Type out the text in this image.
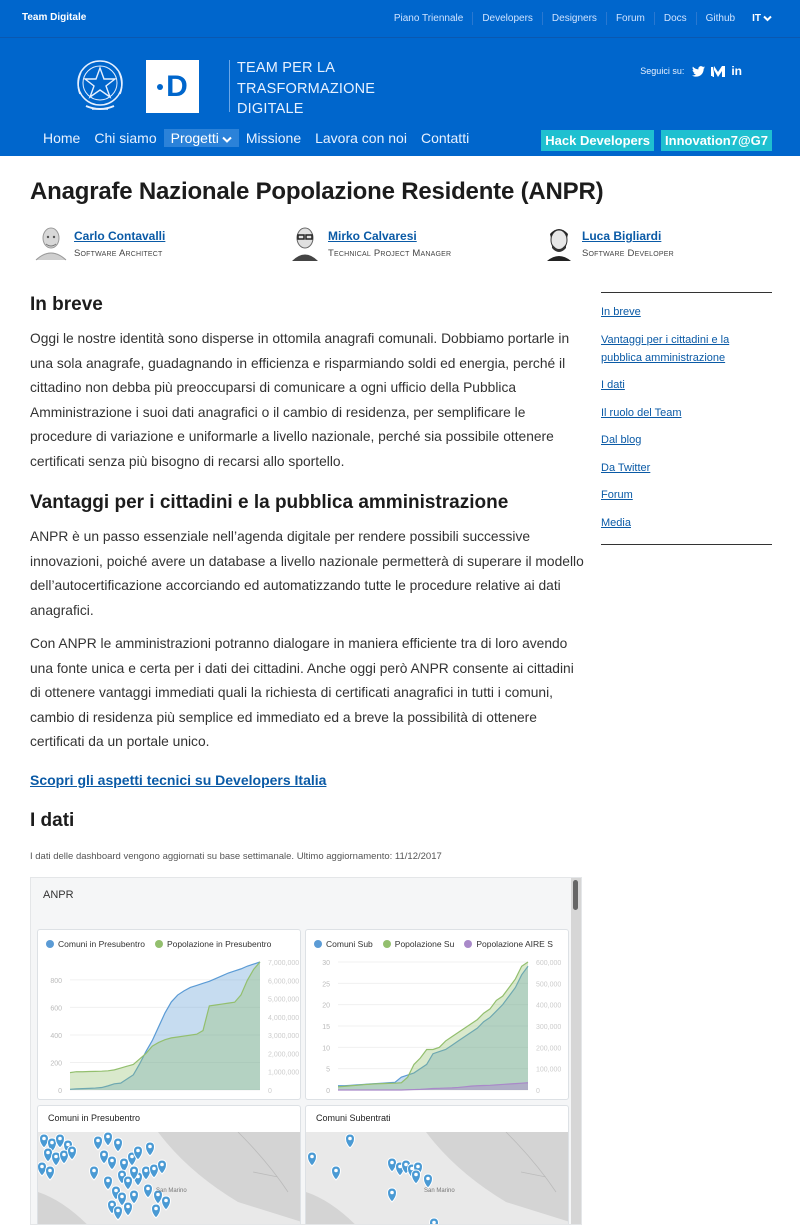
Team Digitale	Piano Triennale	Developers	Designers	Forum	Docs	Github	IT
D
TEAM PER LA
TRASFORMAZIONE
DIGITALE
Seguici su:	in
Home	Chi siamo	Progetti	Missione	Lavora con noi	Contatti	Hack Developers	Innovation7@G7
Anagrafe Nazionale Popolazione Residente (ANPR)
Carlo Contavalli
Software Architect
Mirko Calvaresi
Technical Project Manager
Luca Bigliardi
Software Developer
In breve

Oggi le nostre identità sono disperse in ottomila anagrafi comunali. Dobbiamo portarle in una sola anagrafe, guadagnando in efficienza e risparmiando soldi ed energia, perché il cittadino non debba più preoccuparsi di comunicare a ogni ufficio della Pubblica Amministrazione i suoi dati anagrafici o il cambio di residenza, per semplificare le procedure di variazione e uniformarle a livello nazionale, perché sia possibile ottenere certificati senza più bisogno di recarsi allo sportello.

Vantaggi per i cittadini e la pubblica amministrazione

ANPR è un passo essenziale nell’agenda digitale per rendere possibili successive innovazioni, poiché avere un database a livello nazionale permetterà di superare il modello dell’autocertificazione accorciando ed automatizzando tutte le procedure relative ai dati anagrafici.

Con ANPR le amministrazioni potranno dialogare in maniera efficiente tra di loro avendo una fonte unica e certa per i dati dei cittadini. Anche oggi però ANPR consente ai cittadini di ottenere vantaggi immediati quali la richiesta di certificati anagrafici in tutti i comuni, cambio di residenza più semplice ed immediato ed a breve la possibilità di ottenere certificati da un portale unico.

Scopri gli aspetti tecnici su Developers Italia
I dati

I dati delle dashboard vengono aggiornati su base settimanale. Ultimo aggiornamento: 11/12/2017

In breve
Vantaggi per i cittadini e la pubblica amministrazione
I dati
Il ruolo del Team
Dal blog
Da Twitter
Forum
Media
ANPR
Comuni in Presubentro	Popolazione in Presubentro
0
200
400
600
800
0
1,000,000
2,000,000
3,000,000
4,000,000
5,000,000
6,000,000
7,000,000
Comuni Sub	Popolazione Su	Popolazione AIRE S
0
5
10
15
20
25
30
0
100,000
200,000
300,000
400,000
500,000
600,000
Comuni in Presubentro
San Marino
Comuni Subentrati
San Marino
